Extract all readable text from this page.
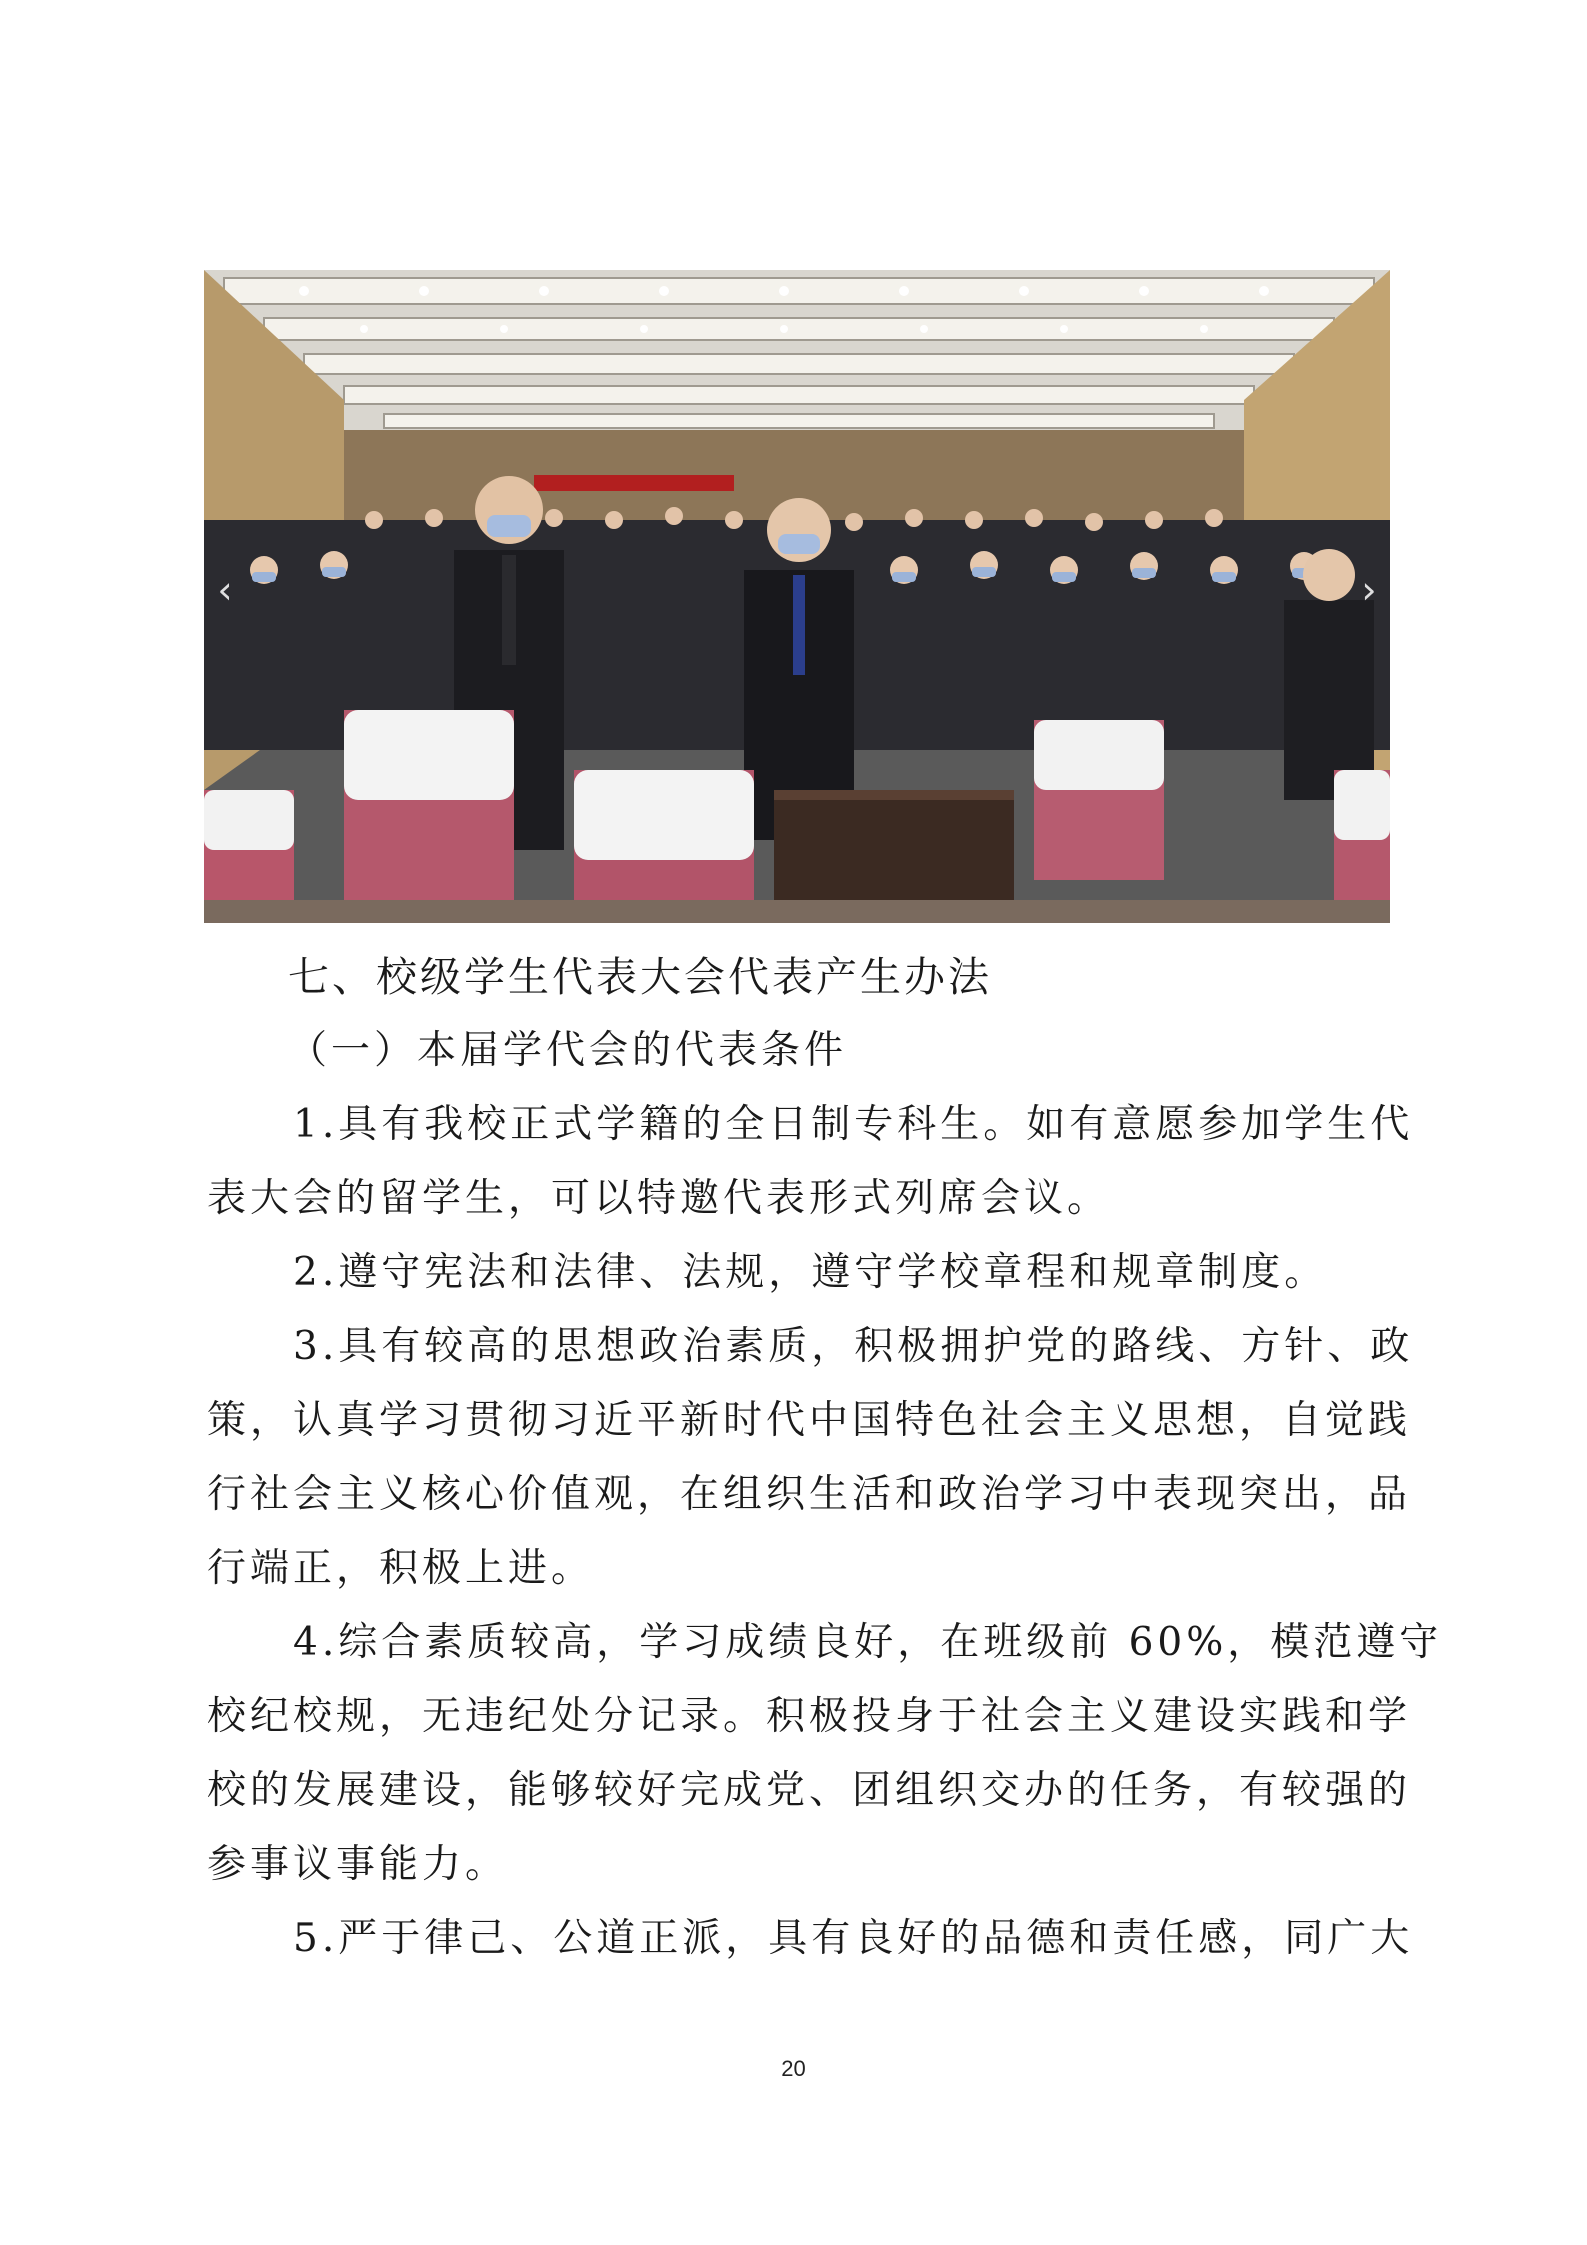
‹	›
七、校级学生代表大会代表产生办法
（一）本届学代会的代表条件
1.具有我校正式学籍的全日制专科生。如有意愿参加学生代
表大会的留学生，可以特邀代表形式列席会议。
2.遵守宪法和法律、法规，遵守学校章程和规章制度。
3.具有较高的思想政治素质，积极拥护党的路线、方针、政
策，认真学习贯彻习近平新时代中国特色社会主义思想，自觉践
行社会主义核心价值观，在组织生活和政治学习中表现突出，品
行端正，积极上进。
4.综合素质较高，学习成绩良好，在班级前 60%，模范遵守
校纪校规，无违纪处分记录。积极投身于社会主义建设实践和学
校的发展建设，能够较好完成党、团组织交办的任务，有较强的
参事议事能力。
5.严于律己、公道正派，具有良好的品德和责任感，同广大
20
